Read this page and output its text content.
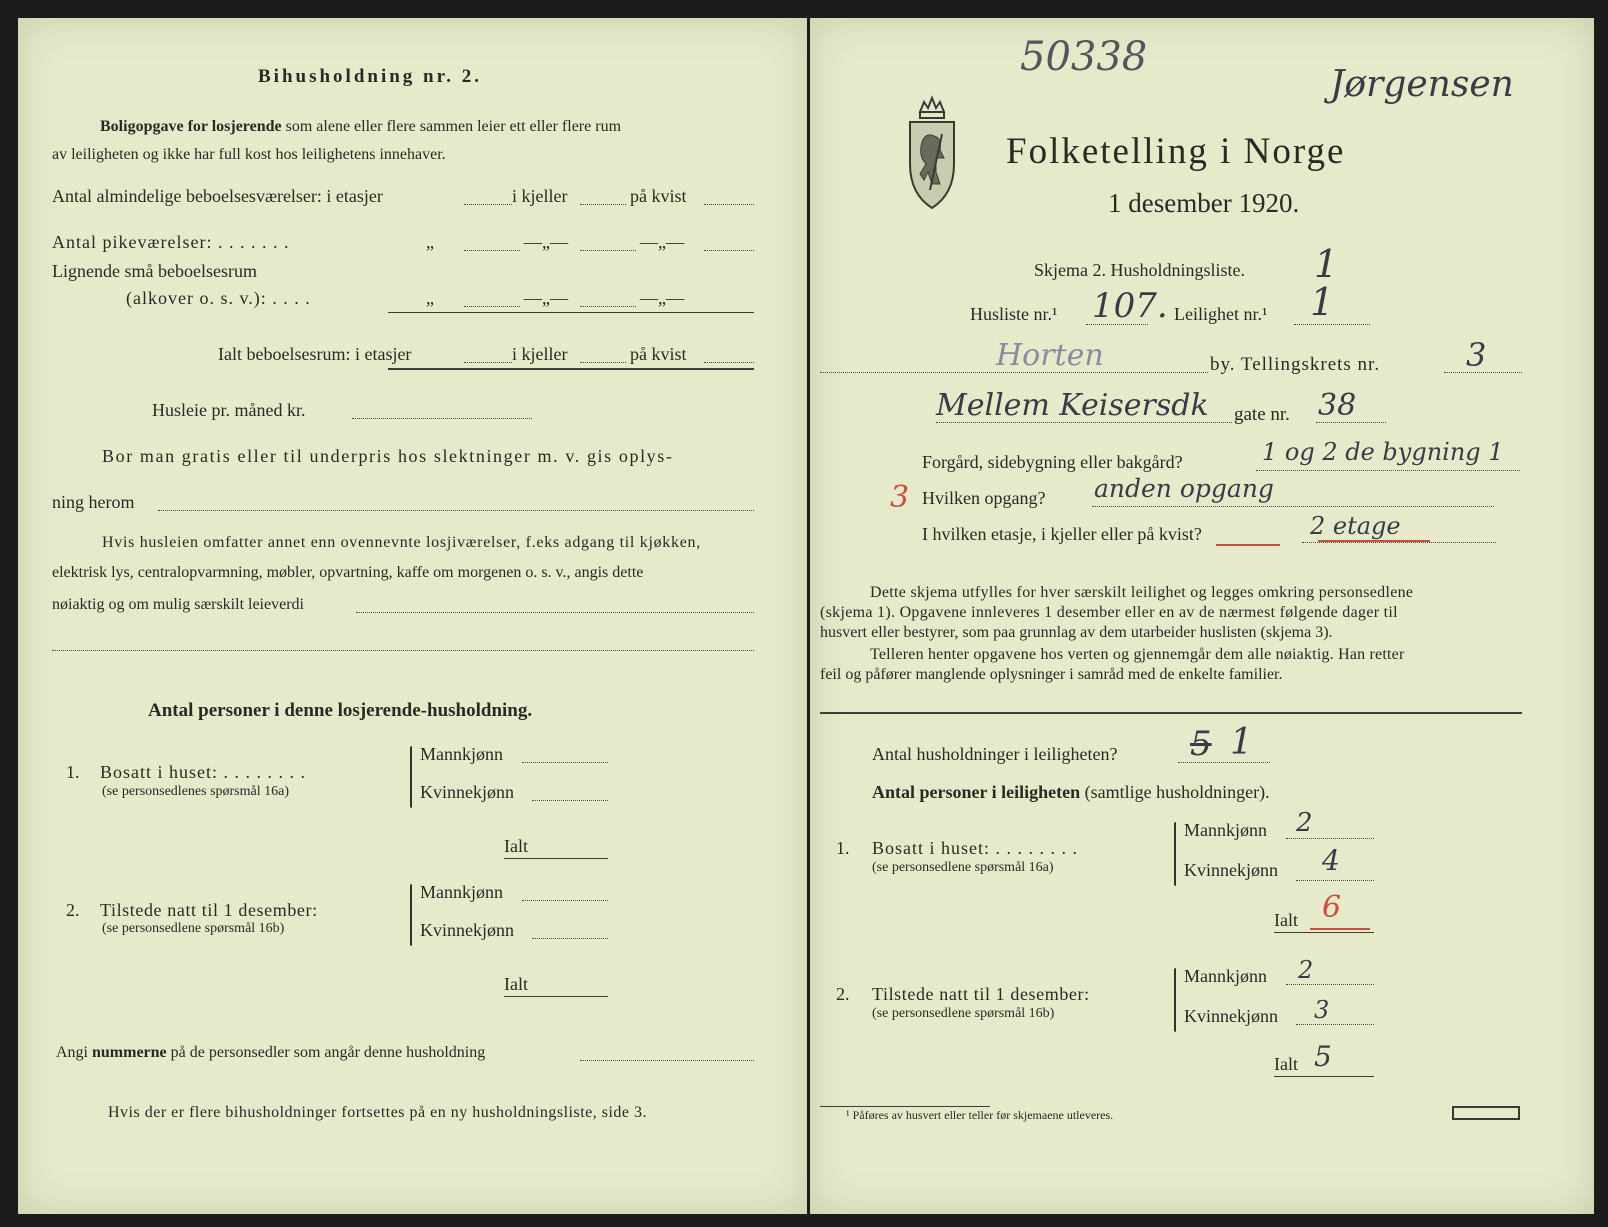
Bihusholdning nr. 2.
Boligopgave for losjerende som alene eller flere sammen leier ett eller flere rum
av leiligheten og ikke har full kost hos leilighetens innehaver.
Antal almindelige beboelsesværelser: i etasjer	i kjeller	på kvist
Antal pikeværelser: . . . . . . .	„	—„—	—„—
Lignende små beboelsesrum
(alkover o. s. v.): . . . .	„	—„—	—„—
Ialt beboelsesrum: i etasjer	i kjeller	på kvist
Husleie pr. måned kr.
Bor man gratis eller til underpris hos slektninger m. v. gis oplys-
ning herom
Hvis husleien omfatter annet enn ovennevnte losjiværelser, f.eks adgang til kjøkken,
elektrisk lys, centralopvarmning, møbler, opvartning, kaffe om morgenen o. s. v., angis dette
nøiaktig og om mulig særskilt leieverdi
Antal personer i denne losjerende-husholdning.
1. Bosatt i huset: . . . . . . . .
(se personsedlenes spørsmål 16a)
Mannkjønn
Kvinnekjønn
Ialt
2. Tilstede natt til 1 desember:
(se personsedlene spørsmål 16b)
Mannkjønn
Kvinnekjønn
Ialt
Angi nummerne på de personsedler som angår denne husholdning
Hvis der er flere bihusholdninger fortsettes på en ny husholdningsliste, side 3.
50338
Jørgensen
Folketelling i Norge
1 desember 1920.
Skjema 2. Husholdningsliste. 1
Husliste nr.¹ 107. Leilighet nr.¹ 1
Horten	by. Tellingskrets nr.	3
Mellem Keisersdk gate nr. 38
Forgård, sidebygning eller bakgård?	1 og 2 de bygning 1
3 Hvilken opgang? anden opgang
I hvilken etasje, i kjeller eller på kvist?	2 etage
Dette skjema utfylles for hver særskilt leilighet og legges omkring personsedlene
(skjema 1). Opgavene innleveres 1 desember eller en av de nærmest følgende dager til
husvert eller bestyrer, som paa grunnlag av dem utarbeider huslisten (skjema 3).
Telleren henter opgavene hos verten og gjennemgår dem alle nøiaktig. Han retter
feil og påfører manglende oplysninger i samråd med de enkelte familier.
Antal husholdninger i leiligheten? 5 1
Antal personer i leiligheten (samtlige husholdninger).
1. Bosatt i huset: . . . . . . . .
(se personsedlene spørsmål 16a)
Mannkjønn 2
Kvinnekjønn 4
Ialt 6
2. Tilstede natt til 1 desember:
(se personsedlene spørsmål 16b)
Mannkjønn 2
Kvinnekjønn 3
Ialt 5
¹ Påføres av husvert eller teller før skjemaene utleveres.
